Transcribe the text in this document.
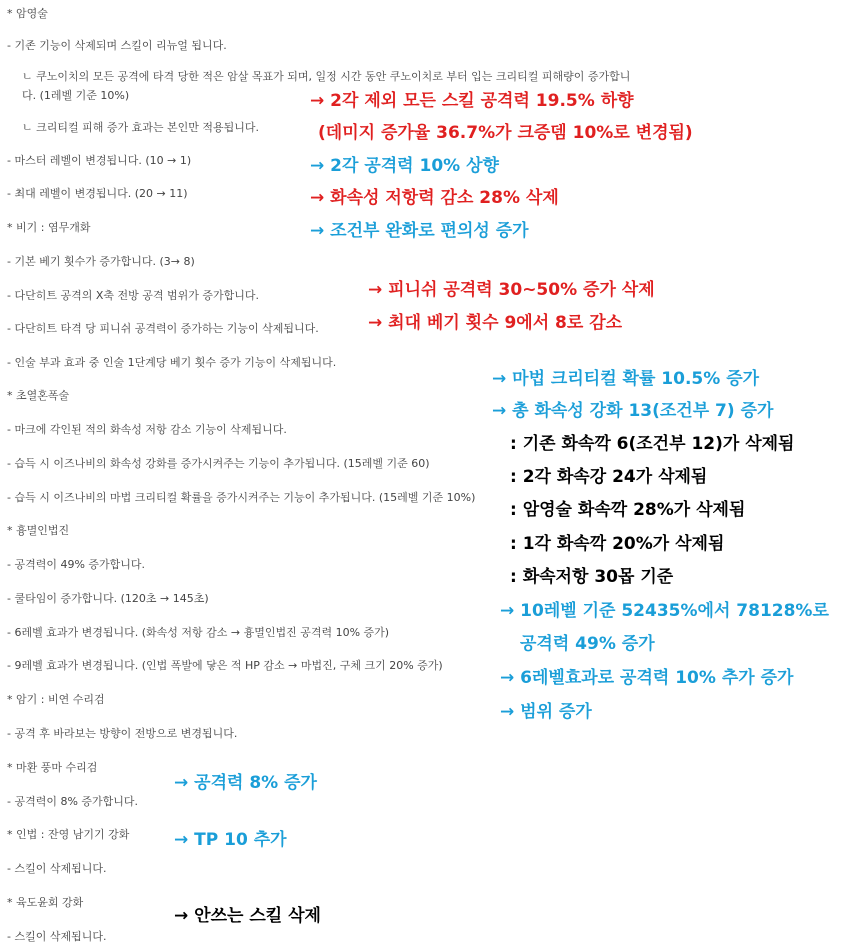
* 암영술
- 기존 기능이 삭제되며 스킬이 리뉴얼 됩니다.
ㄴ 쿠노이치의 모든 공격에 타격 당한 적은 암살 목표가 되며, 일정 시간 동안 쿠노이치로 부터 입는 크리티컬 피해량이 증가합니
다. (1레벨 기준 10%)
ㄴ 크리티컬 피해 증가 효과는 본인만 적용됩니다.
- 마스터 레벨이 변경됩니다. (10 → 1)
- 최대 레벨이 변경됩니다. (20 → 11)
* 비기 : 염무개화
- 기본 베기 횟수가 증가합니다. (3→ 8)
- 다단히트 공격의 X축 전방 공격 범위가 증가합니다.
- 다단히트 타격 당 피니쉬 공격력이 증가하는 기능이 삭제됩니다.
- 인술 부과 효과 중 인술 1단계당 베기 횟수 증가 기능이 삭제됩니다.
* 초열혼폭술
- 마크에 각인된 적의 화속성 저항 감소 기능이 삭제됩니다.
- 습득 시 이즈나비의 화속성 강화를 증가시켜주는 기능이 추가됩니다. (15레벨 기준 60)
- 습득 시 이즈나비의 마법 크리티컬 확률을 증가시켜주는 기능이 추가됩니다. (15레벨 기준 10%)
* 흉멸인법진
- 공격력이 49% 증가합니다.
- 쿨타임이 증가합니다. (120초 → 145초)
- 6레벨 효과가 변경됩니다. (화속성 저항 감소 → 흉멸인법진 공격력 10% 증가)
- 9레벨 효과가 변경됩니다. (인법 폭발에 닿은 적 HP 감소 → 마법진, 구체 크기 20% 증가)
* 암기 : 비연 수리검
- 공격 후 바라보는 방향이 전방으로 변경됩니다.
* 마환 풍마 수리검
- 공격력이 8% 증가합니다.
* 인법 : 잔영 남기기 강화
- 스킬이 삭제됩니다.
* 육도윤회 강화
- 스킬이 삭제됩니다.
→ 2각 제외 모든 스킬 공격력 19.5% 하향
(데미지 증가율 36.7%가 크증뎀 10%로 변경됨)
→ 2각 공격력 10% 상향
→ 화속성 저항력 감소 28% 삭제
→ 조건부 완화로 편의성 증가
→ 피니쉬 공격력 30~50% 증가 삭제
→ 최대 베기 횟수 9에서 8로 감소
→ 마법 크리티컬 확률 10.5% 증가
→ 총 화속성 강화 13(조건부 7) 증가
: 기존 화속깍 6(조건부 12)가 삭제됨
: 2각 화속강 24가 삭제됨
: 암영술 화속깍 28%가 삭제됨
: 1각 화속깍 20%가 삭제됨
: 화속저항 30몹 기준
→ 10레벨 기준 52435%에서 78128%로
공격력 49% 증가
→ 6레벨효과로 공격력 10% 추가 증가
→ 범위 증가
→ 공격력 8% 증가
→ TP 10 추가
→ 안쓰는 스킬 삭제
